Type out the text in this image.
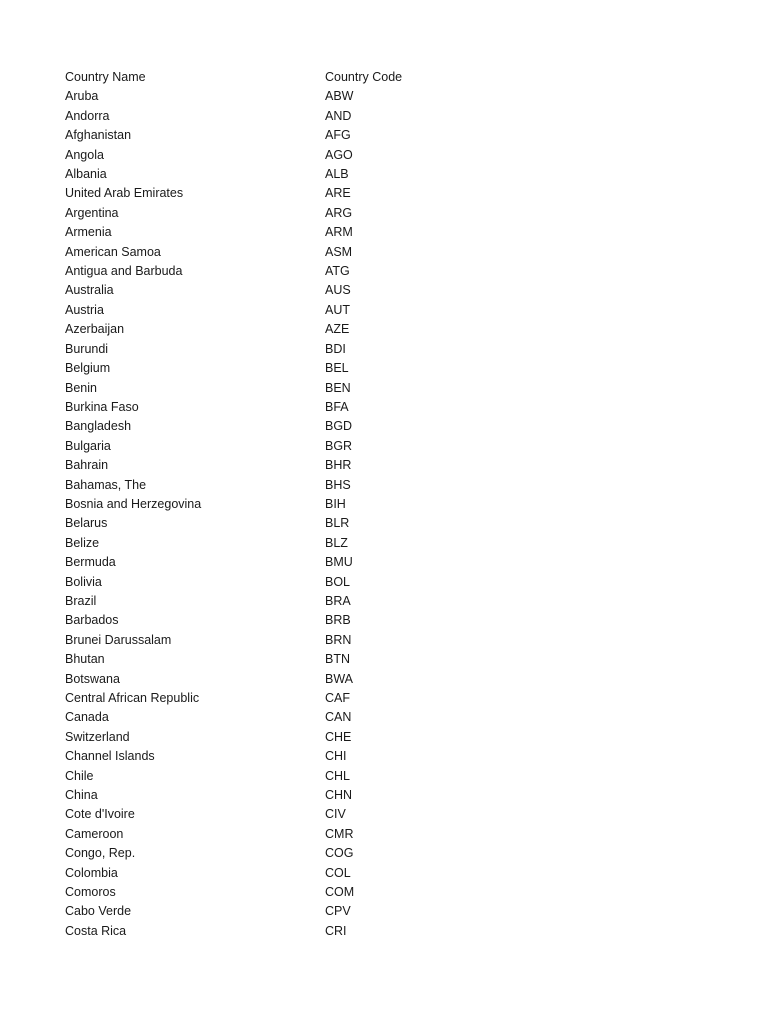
Country Name	Country Code
Aruba	ABW
Andorra	AND
Afghanistan	AFG
Angola	AGO
Albania	ALB
United Arab Emirates	ARE
Argentina	ARG
Armenia	ARM
American Samoa	ASM
Antigua and Barbuda	ATG
Australia	AUS
Austria	AUT
Azerbaijan	AZE
Burundi	BDI
Belgium	BEL
Benin	BEN
Burkina Faso	BFA
Bangladesh	BGD
Bulgaria	BGR
Bahrain	BHR
Bahamas, The	BHS
Bosnia and Herzegovina	BIH
Belarus	BLR
Belize	BLZ
Bermuda	BMU
Bolivia	BOL
Brazil	BRA
Barbados	BRB
Brunei Darussalam	BRN
Bhutan	BTN
Botswana	BWA
Central African Republic	CAF
Canada	CAN
Switzerland	CHE
Channel Islands	CHI
Chile	CHL
China	CHN
Cote d'Ivoire	CIV
Cameroon	CMR
Congo, Rep.	COG
Colombia	COL
Comoros	COM
Cabo Verde	CPV
Costa Rica	CRI
